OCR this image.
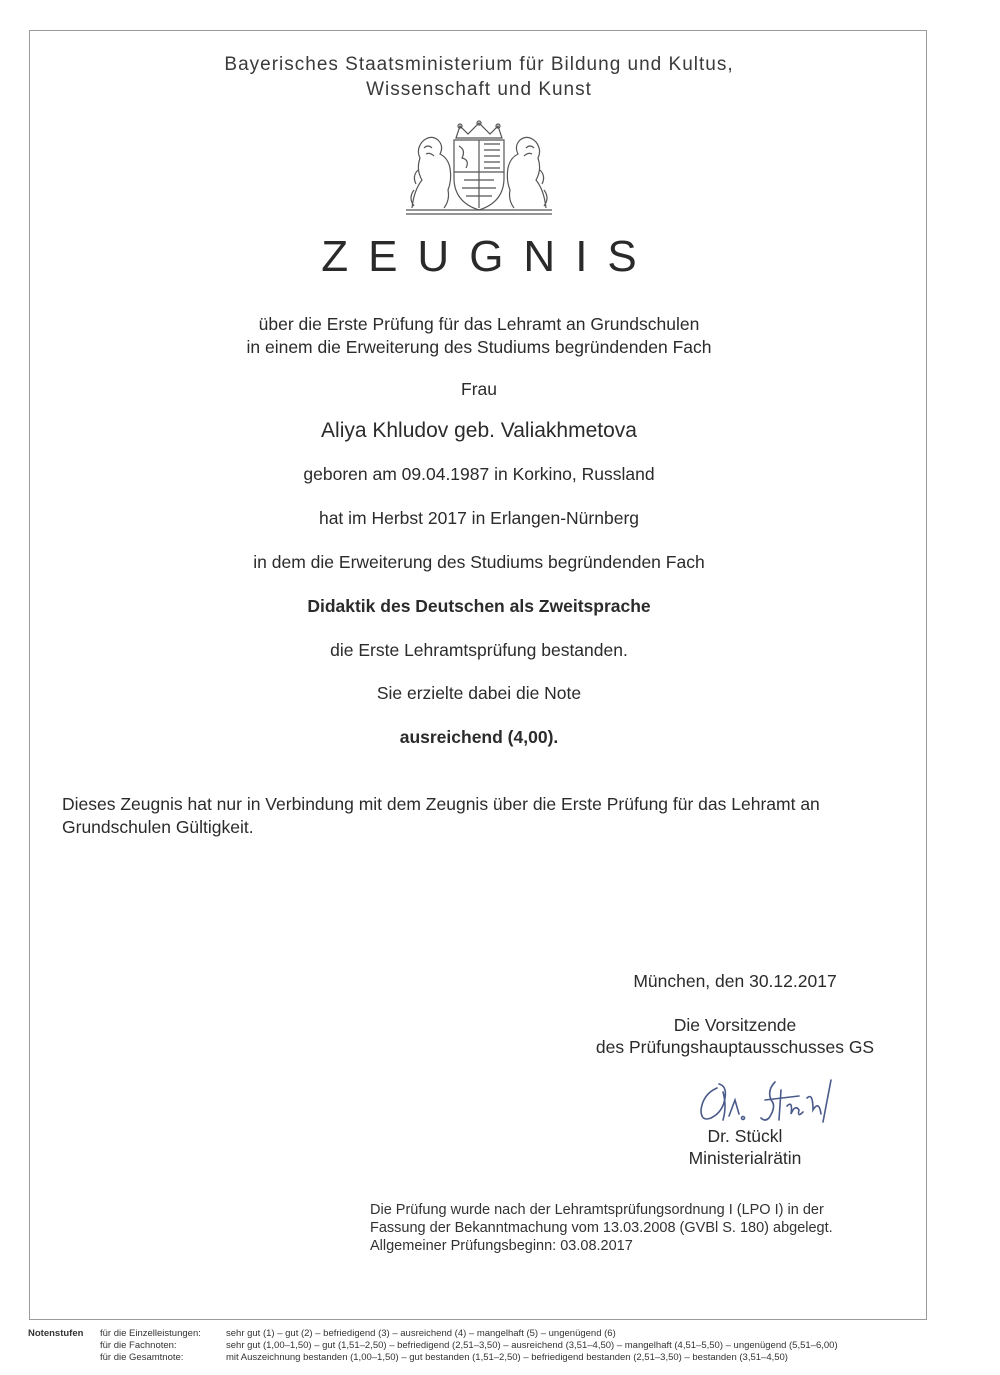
Bayerisches Staatsministerium für Bildung und Kultus,
Wissenschaft und Kunst
ZEUGNIS
über die Erste Prüfung für das Lehramt an Grundschulen
in einem die Erweiterung des Studiums begründenden Fach
Frau
Aliya Khludov geb. Valiakhmetova
geboren am 09.04.1987 in Korkino, Russland
hat im Herbst 2017 in Erlangen-Nürnberg
in dem die Erweiterung des Studiums begründenden Fach
Didaktik des Deutschen als Zweitsprache
die Erste Lehramtsprüfung bestanden.
Sie erzielte dabei die Note
ausreichend (4,00).
Dieses Zeugnis hat nur in Verbindung mit dem Zeugnis über die Erste Prüfung für das Lehramt an
Grundschulen Gültigkeit.
München, den 30.12.2017
Die Vorsitzende
des Prüfungshauptausschusses GS
Dr. Stückl
Ministerialrätin
Die Prüfung wurde nach der Lehramtsprüfungsordnung I (LPO I) in der
Fassung der Bekanntmachung vom 13.03.2008 (GVBl S. 180) abgelegt.
Allgemeiner Prüfungsbeginn: 03.08.2017
Notenstufen	für die Einzelleistungen:	sehr gut (1) – gut (2) – befriedigend (3) – ausreichend (4) – mangelhaft (5) – ungenügend (6)
für die Fachnoten:	sehr gut (1,00–1,50) – gut (1,51–2,50) – befriedigend (2,51–3,50) – ausreichend (3,51–4,50) – mangelhaft (4,51–5,50) – ungenügend (5,51–6,00)
für die Gesamtnote:	mit Auszeichnung bestanden (1,00–1,50) – gut bestanden (1,51–2,50) – befriedigend bestanden (2,51–3,50) – bestanden (3,51–4,50)
